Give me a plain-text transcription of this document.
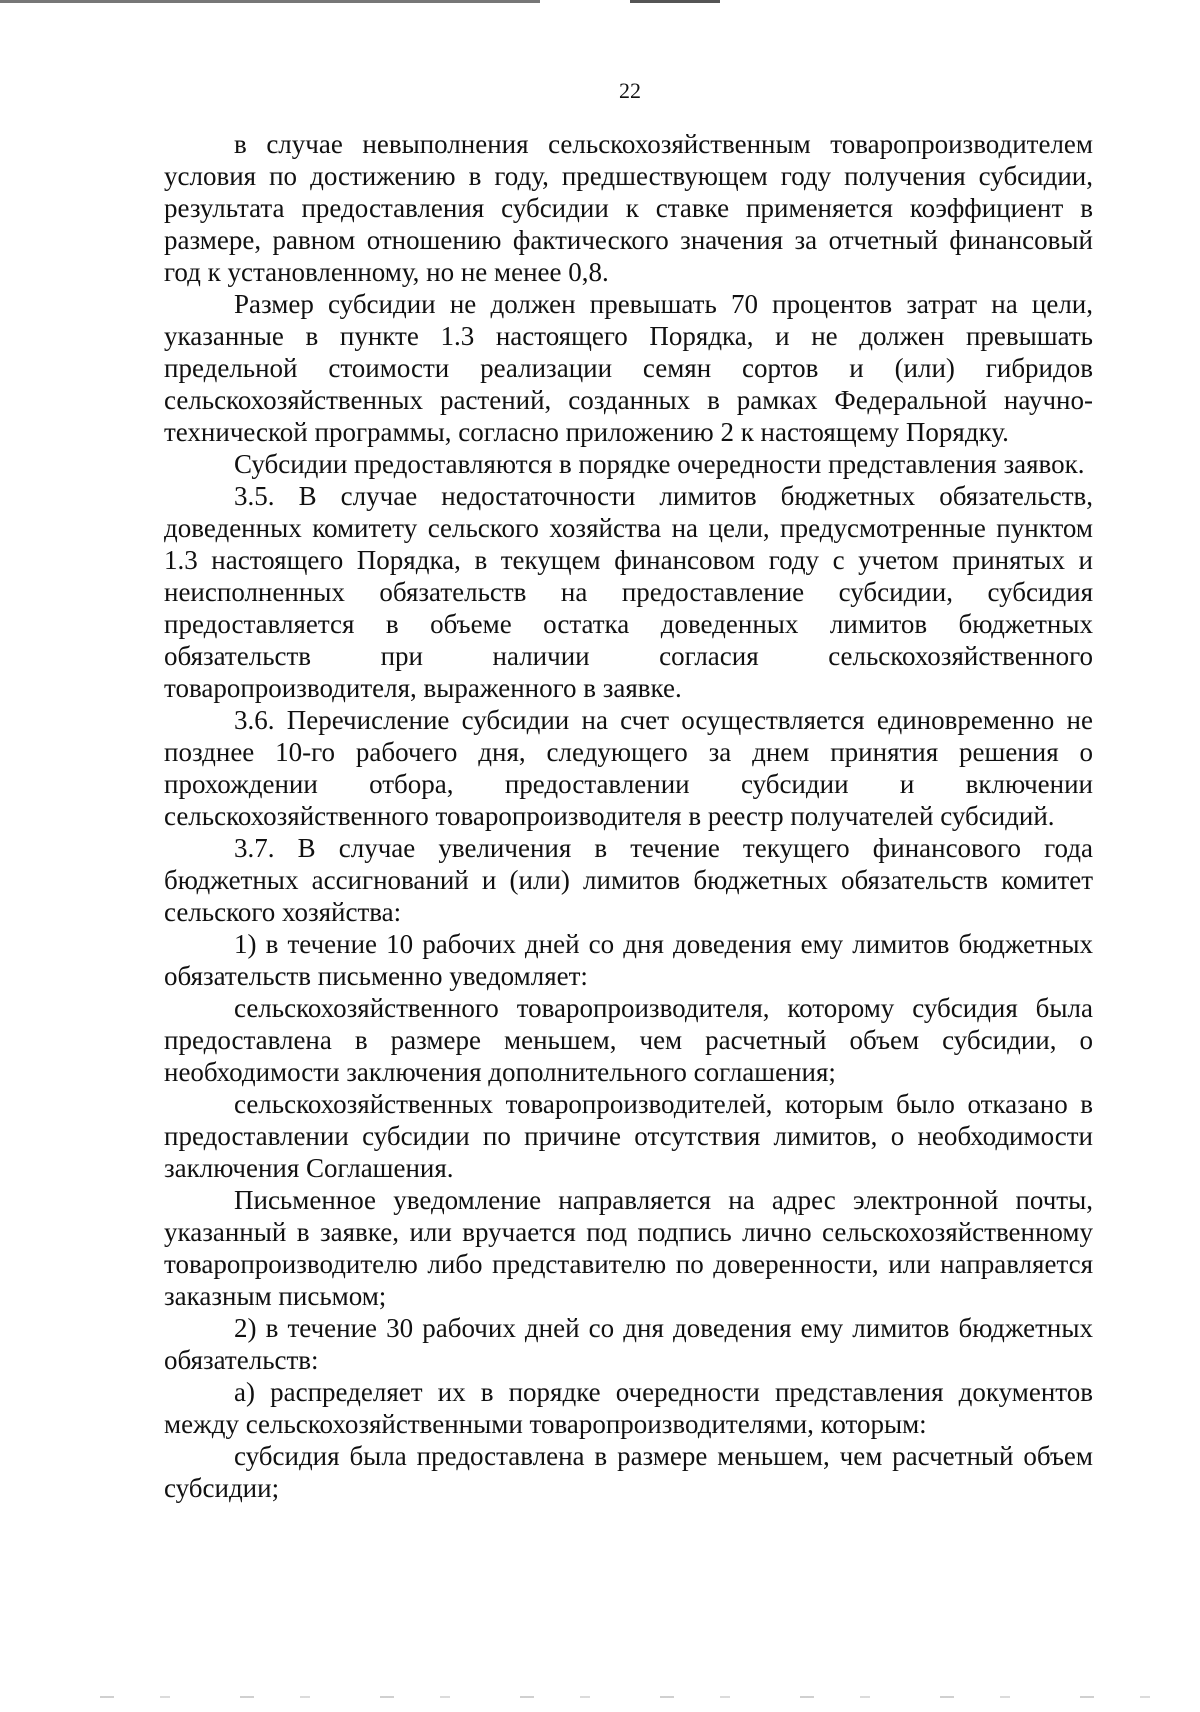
22

в случае невыполнения сельскохозяйственным товаропроизводителем условия по достижению в году, предшествующем году получения субсидии, результата предоставления субсидии к ставке применяется коэффициент в размере, равном отношению фактического значения за отчетный финансовый год к установленному, но не менее 0,8.

Размер субсидии не должен превышать 70 процентов затрат на цели, указанные в пункте 1.3 настоящего Порядка, и не должен превышать предельной стоимости реализации семян сортов и (или) гибридов сельскохозяйственных растений, созданных в рамках Федеральной научно-технической программы, согласно приложению 2 к настоящему Порядку.

Субсидии предоставляются в порядке очередности представления заявок.

3.5. В случае недостаточности лимитов бюджетных обязательств, доведенных комитету сельского хозяйства на цели, предусмотренные пунктом 1.3 настоящего Порядка, в текущем финансовом году с учетом принятых и неисполненных обязательств на предоставление субсидии, субсидия предоставляется в объеме остатка доведенных лимитов бюджетных обязательств при наличии согласия сельскохозяйственного товаропроизводителя, выраженного в заявке.

3.6. Перечисление субсидии на счет осуществляется единовременно не позднее 10-го рабочего дня, следующего за днем принятия решения о прохождении отбора, предоставлении субсидии и включении сельскохозяйственного товаропроизводителя в реестр получателей субсидий.

3.7. В случае увеличения в течение текущего финансового года бюджетных ассигнований и (или) лимитов бюджетных обязательств комитет сельского хозяйства:

1) в течение 10 рабочих дней со дня доведения ему лимитов бюджетных обязательств письменно уведомляет:

сельскохозяйственного товаропроизводителя, которому субсидия была предоставлена в размере меньшем, чем расчетный объем субсидии, о необходимости заключения дополнительного соглашения;

сельскохозяйственных товаропроизводителей, которым было отказано в предоставлении субсидии по причине отсутствия лимитов, о необходимости заключения Соглашения.

Письменное уведомление направляется на адрес электронной почты, указанный в заявке, или вручается под подпись лично сельскохозяйственному товаропроизводителю либо представителю по доверенности, или направляется заказным письмом;

2) в течение 30 рабочих дней со дня доведения ему лимитов бюджетных обязательств:

а) распределяет их в порядке очередности представления документов между сельскохозяйственными товаропроизводителями, которым:

субсидия была предоставлена в размере меньшем, чем расчетный объем субсидии;
